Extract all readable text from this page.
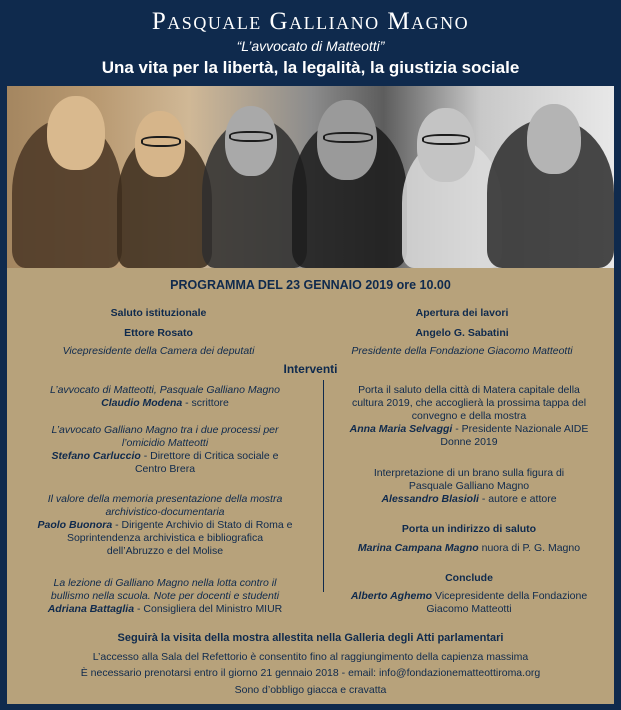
Pasquale Galliano Magno
“L’avvocato di Matteotti”
Una vita per la libertà, la legalità, la giustizia sociale
PROGRAMMA DEL 23 GENNAIO 2019 ore 10.00
Saluto istituzionale
Ettore Rosato
Vicepresidente della Camera dei deputati
Apertura dei lavori
Angelo G. Sabatini
Presidente della Fondazione Giacomo Matteotti
Interventi
L’avvocato di Matteotti, Pasquale Galliano Magno
Claudio Modena - scrittore
L’avvocato Galliano Magno tra i due processi per
l’omicidio Matteotti
Stefano Carluccio - Direttore di Critica sociale e
Centro Brera
Il valore della memoria presentazione della mostra
archivistico-documentaria
Paolo Buonora - Dirigente Archivio di Stato di Roma e
Soprintendenza archivistica e bibliografica
dell’Abruzzo e del Molise
La lezione di Galliano Magno nella lotta contro il
bullismo nella scuola. Note per docenti e studenti
Adriana Battaglia - Consigliera del Ministro MIUR
Porta il saluto della città di Matera capitale della
cultura 2019, che accoglierà la prossima tappa del
convegno e della mostra
Anna Maria Selvaggi - Presidente Nazionale AIDE
Donne 2019
Interpretazione di un brano sulla figura di
Pasquale Galliano Magno
Alessandro Blasioli - autore e attore
Porta un indirizzo di saluto
Marina Campana Magno nuora di P. G. Magno
Conclude
Alberto Aghemo Vicepresidente della Fondazione
Giacomo Matteotti
Seguirà la visita della mostra allestita nella Galleria degli Atti parlamentari
L’accesso alla Sala del Refettorio è consentito fino al raggiungimento della capienza massima
È necessario prenotarsi entro il giorno 21 gennaio 2018 - email: info@fondazionematteottiroma.org
Sono d’obbligo giacca e cravatta
